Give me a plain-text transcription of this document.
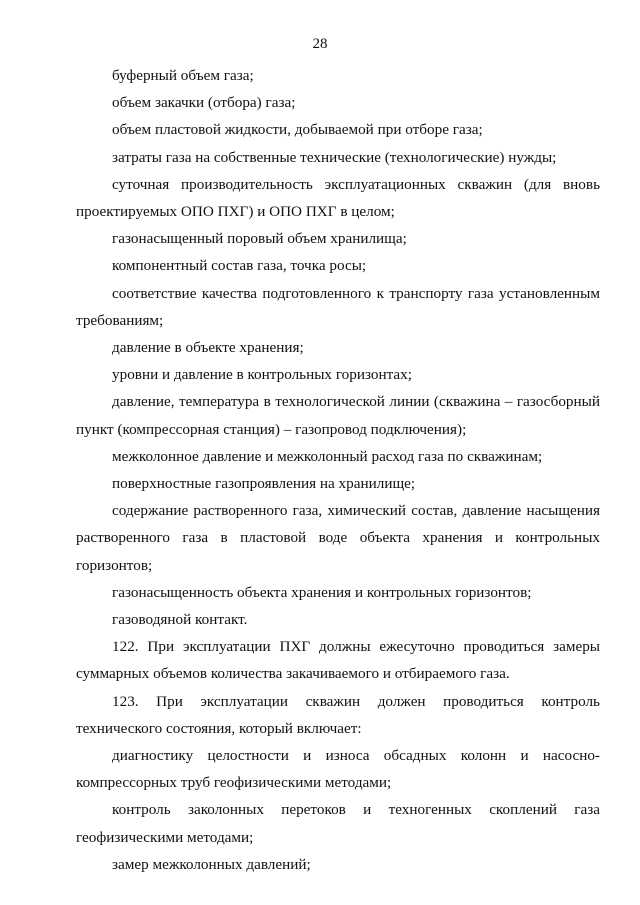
28

буферный объем газа;

объем закачки (отбора) газа;

объем пластовой жидкости, добываемой при отборе газа;

затраты газа на собственные технические (технологические) нужды;

суточная производительность эксплуатационных скважин (для вновь проектируемых ОПО ПХГ) и ОПО ПХГ в целом;

газонасыщенный поровый объем хранилища;

компонентный состав газа, точка росы;

соответствие качества подготовленного к транспорту газа установленным требованиям;

давление в объекте хранения;

уровни и давление в контрольных горизонтах;

давление, температура в технологической линии (скважина – газосборный пункт (компрессорная станция) – газопровод подключения);

межколонное давление и межколонный расход газа по скважинам;

поверхностные газопроявления на хранилище;

содержание растворенного газа, химический состав, давление насыщения растворенного газа в пластовой воде объекта хранения и контрольных горизонтов;

газонасыщенность объекта хранения и контрольных горизонтов;

газоводяной контакт.

122. При эксплуатации ПХГ должны ежесуточно проводиться замеры суммарных объемов количества закачиваемого и отбираемого газа.

123. При эксплуатации скважин должен проводиться контроль технического состояния, который включает:

диагностику целостности и износа обсадных колонн и насосно-компрессорных труб геофизическими методами;

контроль заколонных перетоков и техногенных скоплений газа геофизическими методами;

замер межколонных давлений;
